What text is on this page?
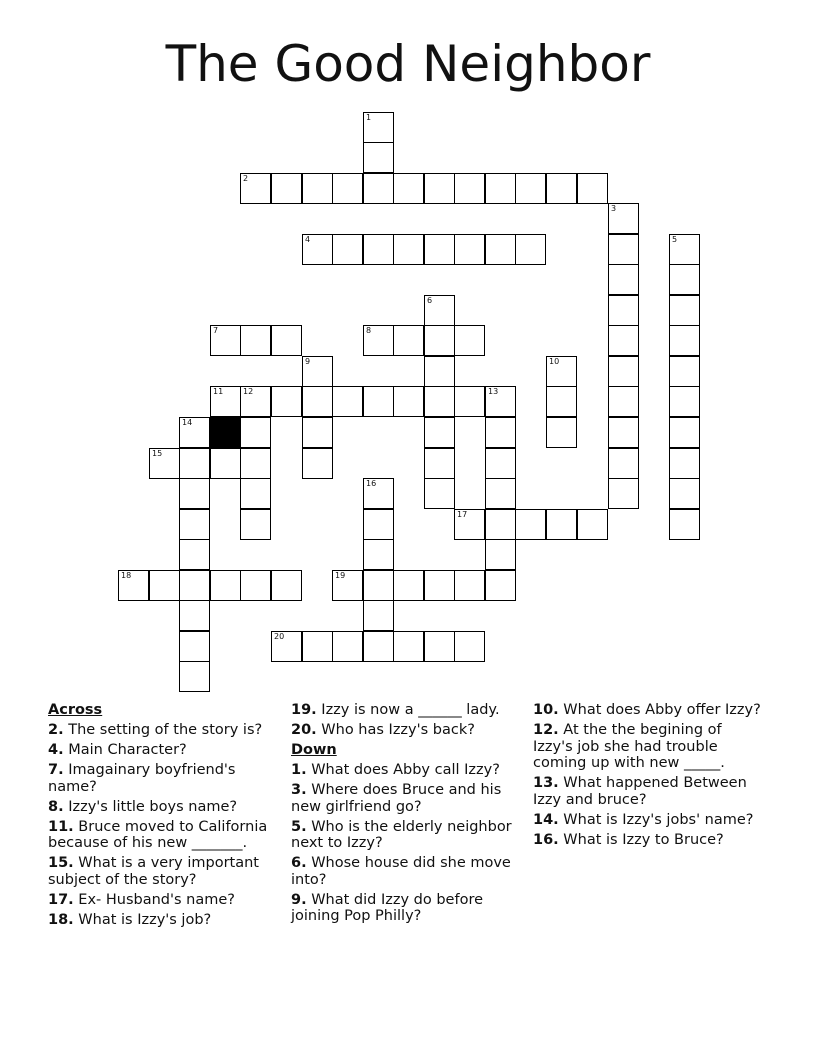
The Good Neighbor
1
2
3
4	5
6
7	8
9	10
12	13
14
15
16
17
18	19
20
11
Across
2. The setting of the story is?
4. Main Character?
7. Imagainary boyfriend's name?
8. Izzy's little boys name?
11. Bruce moved to California because of his new _______.
15. What is a very important subject of the story?
17. Ex- Husband's name?
18. What is Izzy's job?
19. Izzy is now a ______ lady.
20. Who has Izzy's back?
Down
1. What does Abby call Izzy?
3. Where does Bruce and his new girlfriend go?
5. Who is the elderly neighbor next to Izzy?
6. Whose house did she move into?
9. What did Izzy do before joining Pop Philly?
10. What does Abby offer Izzy?
12. At the the begining of Izzy's job she had trouble coming up with new _____.
13. What happened Between Izzy and bruce?
14. What is Izzy's jobs' name?
16. What is Izzy to Bruce?
